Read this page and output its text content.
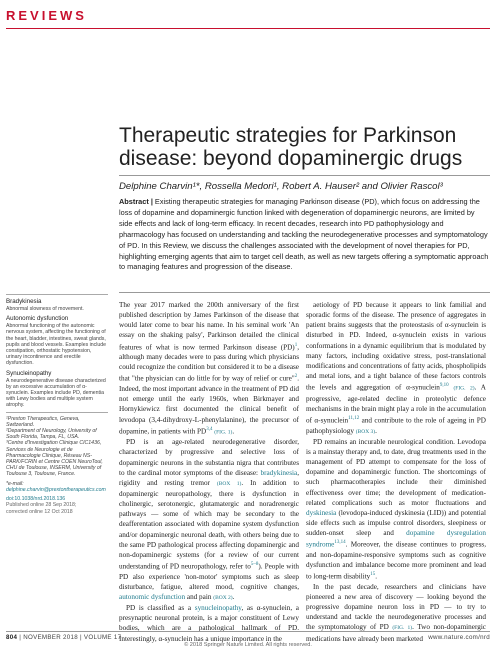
REVIEWS
Therapeutic strategies for Parkinson disease: beyond dopaminergic drugs
Delphine Charvin¹*, Rossella Medori¹, Robert A. Hauser² and Olivier Rascol³
Abstract | Existing therapeutic strategies for managing Parkinson disease (PD), which focus on addressing the loss of dopamine and dopaminergic function linked with degeneration of dopaminergic neurons, are limited by side effects and lack of long-term efficacy. In recent decades, research into PD pathophysiology and pharmacology has focused on understanding and tackling the neurodegenerative processes and symptomatology of PD. In this Review, we discuss the challenges associated with the development of novel therapies for PD, highlighting emerging agents that aim to target cell death, as well as new targets offering a symptomatic approach to managing features and progression of the disease.
Bradykinesia
Abnormal slowness of movement.
Autonomic dysfunction
Abnormal functioning of the autonomic nervous system, affecting the functioning of the heart, bladder, intestines, sweat glands, pupils and blood vessels. Examples include constipation, orthostatic hypotension, urinary incontinence and erectile dysfunction.
Synucleinopathy
A neurodegenerative disease characterized by an excessive accumulation of α-synuclein. Examples include PD, dementia with Lewy bodies and multiple system atrophy.
¹Prexton Therapeutics, Geneva, Switzerland.
²Department of Neurology, University of South Florida, Tampa, FL, USA.
³Centre d'Investigation Clinique CIC1436, Services de Neurologie et de Pharmacologie Clinique, Réseau NS-PARK/FCRIN et Centre COEN NeuroToul, CHU de Toulouse, INSERM, University of Toulouse 3, Toulouse, France.
*e-mail: delphine.charvin@prextontherapeutics.com
doi:10.1038/nrd.2018.136
Published online 28 Sep 2018;
corrected online 12 Oct 2018

The year 2017 marked the 200th anniversary of the first published description by James Parkinson of the disease that would later come to bear his name. In his seminal work 'An essay on the shaking palsy', Parkinson detailed the clinical features of what is now termed Parkinson disease (PD)$^1$, although many decades were to pass during which physicians could recognize the condition but considered it to be a disease that "the physician can do little for by way of relief or cure"$^2$. Indeed, the most important advance in the treatment of PD did not emerge until the early 1960s, when Birkmayer and Hornykiewicz first documented the clinical benefit of levodopa (3,4-dihydroxy-L-phenylalanine), the precursor of dopamine, in patients with PD$^{3,4}$ (FIG. 1).

PD is an age-related neurodegenerative disorder, characterized by progressive and selective loss of dopaminergic neurons in the substantia nigra that contributes to the cardinal motor symptoms of the disease: bradykinesia, rigidity and resting tremor (BOX 1). In addition to dopaminergic neuropathology, there is dysfunction in cholinergic, serotonergic, glutamatergic and noradrenergic pathways — some of which may be secondary to the deafferentation associated with dopamine system dysfunction and/or dopaminergic neuronal death, with others being due to the same PD pathological process affecting dopaminergic and non-dopaminergic systems (for a review of our current understanding of PD neuropathology, refer to$^{5-8}$). People with PD also experience 'non-motor' symptoms such as sleep disturbance, fatigue, altered mood, cognitive changes, autonomic dysfunction and pain (BOX 2).

PD is classified as a synucleinopathy, as α-synuclein, a presynaptic neuronal protein, is a major constituent of Lewy bodies, which are a pathological hallmark of PD. Interestingly, α-synuclein has a unique importance in the

aetiology of PD because it appears to link familial and sporadic forms of the disease. The presence of aggregates in patient brains suggests that the proteostasis of α-synuclein is disturbed in PD. Indeed, α-synuclein exists in various conformations in a dynamic equilibrium that is modulated by many factors, including oxidative stress, post-translational modifications and concentrations of fatty acids, phospholipids and metal ions, and a tight balance of these factors controls the levels and aggregation of α-synuclein$^{9,10}$ (FIG. 2). A progressive, age-related decline in proteolytic defence mechanisms in the brain might play a role in the accumulation of α-synuclein$^{11,12}$ and contribute to the role of ageing in PD pathophysiology (BOX 3).

PD remains an incurable neurological condition. Levodopa is a mainstay therapy and, to date, drug treatments used in the management of PD attempt to compensate for the loss of dopamine and dopaminergic function. The shortcomings of such pharmacotherapies include their diminished effectiveness over time; the development of medication-related complications such as motor fluctuations and dyskinesia (levodopa-induced dyskinesia (LID)) and potential side effects such as impulse control disorders, sleepiness or sudden-onset sleep and dopamine dysregulation syndrome$^{13,14}$. Moreover, the disease continues to progress, and non-dopamine-responsive symptoms such as cognitive dysfunction and imbalance become more prominent and lead to long-term disability$^{15}$.

In the past decade, researchers and clinicians have pioneered a new area of discovery — looking beyond the progressive dopamine neuron loss in PD — to try to understand and tackle the neurodegenerative processes and the symptomatology of PD (FIG. 1). Two non-dopaminergic medications have already been marketed

804 | NOVEMBER 2018 | VOLUME 17	www.nature.com/nrd
© 2018 Springer Nature Limited. All rights reserved.
